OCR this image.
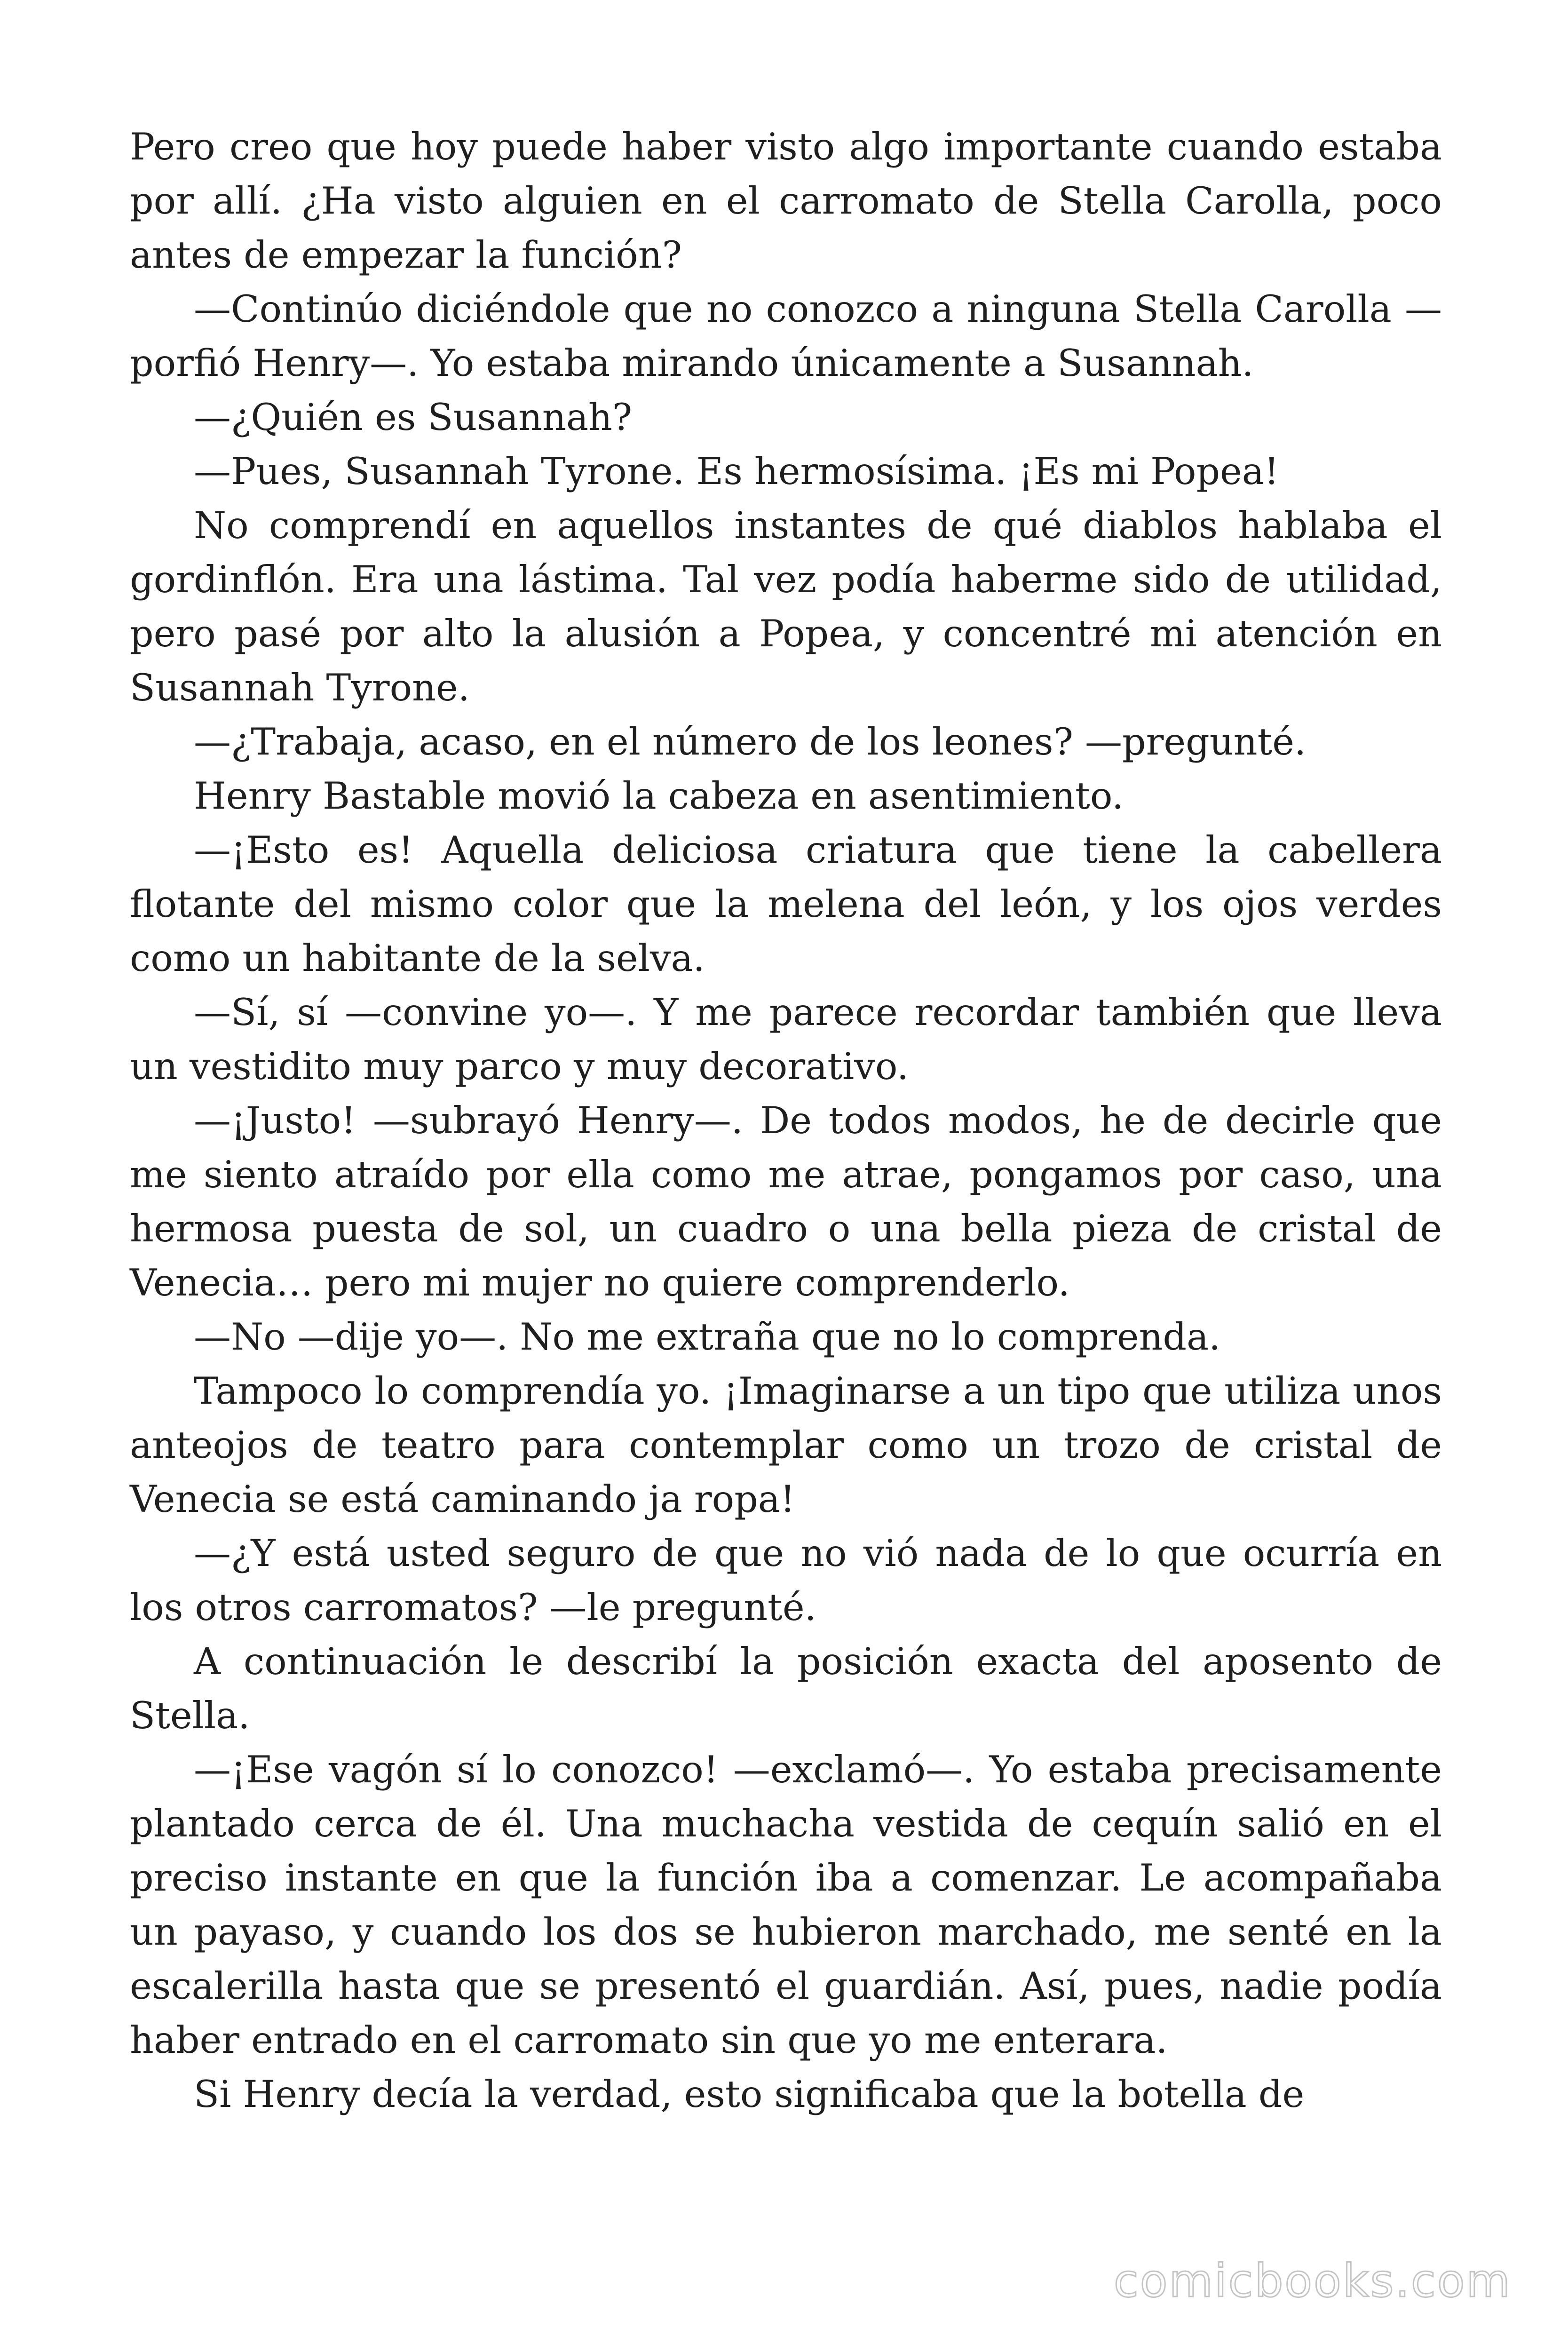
Pero creo que hoy puede haber visto algo importante cuando estaba por allí. ¿Ha visto alguien en el carromato de Stella Carolla, poco antes de empezar la función?

—Continúo diciéndole que no conozco a ninguna Stella Carolla —porfió Henry—. Yo estaba mirando únicamente a Susannah.

—¿Quién es Susannah?

—Pues, Susannah Tyrone. Es hermosísima. ¡Es mi Popea!

No comprendí en aquellos instantes de qué diablos hablaba el gordinflón. Era una lástima. Tal vez podía haberme sido de utilidad, pero pasé por alto la alusión a Popea, y concentré mi atención en Susannah Tyrone.

—¿Trabaja, acaso, en el número de los leones? —pregunté.

Henry Bastable movió la cabeza en asentimiento.

—¡Esto es! Aquella deliciosa criatura que tiene la cabellera flotante del mismo color que la melena del león, y los ojos verdes como un habitante de la selva.

—Sí, sí —convine yo—. Y me parece recordar también que lleva un vestidito muy parco y muy decorativo.

—¡Justo! —subrayó Henry—. De todos modos, he de decirle que me siento atraído por ella como me atrae, pongamos por caso, una hermosa puesta de sol, un cuadro o una bella pieza de cristal de Venecia… pero mi mujer no quiere comprenderlo.

—No —dije yo—. No me extraña que no lo comprenda.

Tampoco lo comprendía yo. ¡Imaginarse a un tipo que utiliza unos anteojos de teatro para contemplar como un trozo de cristal de Venecia se está caminando ja ropa!

—¿Y está usted seguro de que no vió nada de lo que ocurría en los otros carromatos? —le pregunté.

A continuación le describí la posición exacta del aposento de Stella.

—¡Ese vagón sí lo conozco! —exclamó—. Yo estaba precisamente plantado cerca de él. Una muchacha vestida de cequín salió en el preciso instante en que la función iba a comenzar. Le acompañaba un payaso, y cuando los dos se hubieron marchado, me senté en la escalerilla hasta que se presentó el guardián. Así, pues, nadie podía haber entrado en el carromato sin que yo me enterara.

Si Henry decía la verdad, esto significaba que la botella de

comicbooks.com
